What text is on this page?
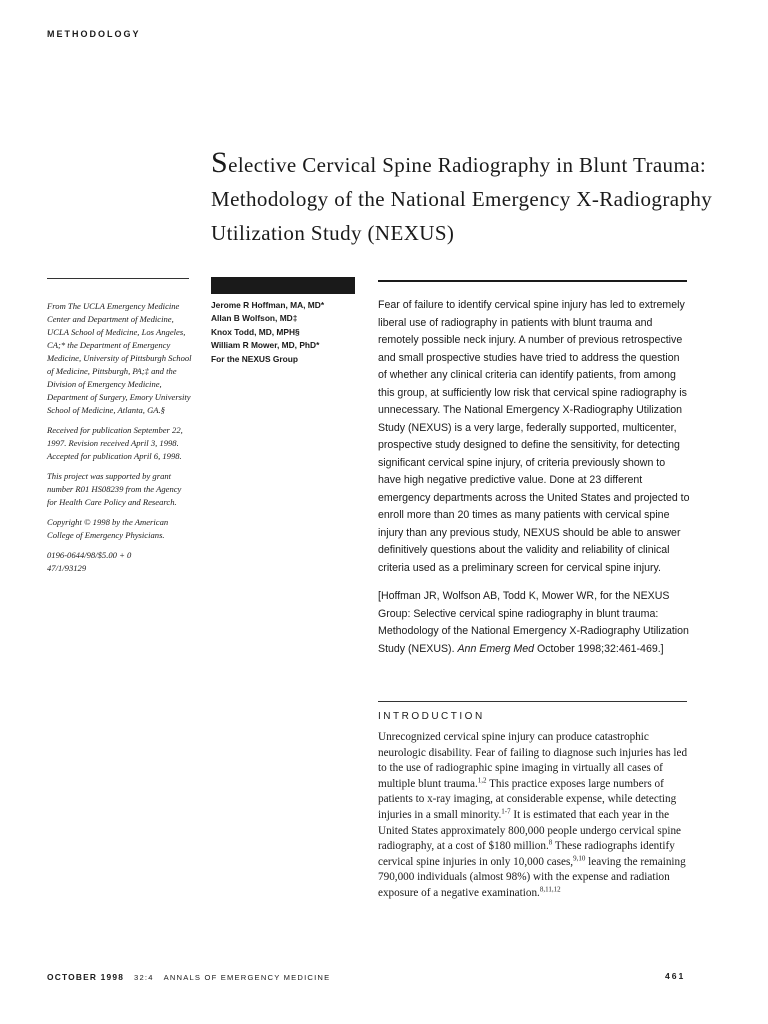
METHODOLOGY
Selective Cervical Spine Radiography in Blunt Trauma: Methodology of the National Emergency X-Radiography Utilization Study (NEXUS)

From The UCLA Emergency Medicine Center and Department of Medicine, UCLA School of Medicine, Los Angeles, CA;* the Department of Emergency Medicine, University of Pittsburgh School of Medicine, Pittsburgh, PA;‡ and the Division of Emergency Medicine, Department of Surgery, Emory University School of Medicine, Atlanta, GA.§

Received for publication September 22, 1997. Revision received April 3, 1998. Accepted for publication April 6, 1998.

This project was supported by grant number R01 HS08239 from the Agency for Health Care Policy and Research.

Copyright © 1998 by the American College of Emergency Physicians.

0196-0644/98/$5.00 + 0
47/1/93129
Jerome R Hoffman, MA, MD*
Allan B Wolfson, MD‡
Knox Todd, MD, MPH§
William R Mower, MD, PhD*
For the NEXUS Group

Fear of failure to identify cervical spine injury has led to extremely liberal use of radiography in patients with blunt trauma and remotely possible neck injury. A number of previous retrospective and small prospective studies have tried to address the question of whether any clinical criteria can identify patients, from among this group, at sufficiently low risk that cervical spine radiography is unnecessary. The National Emergency X-Radiography Utilization Study (NEXUS) is a very large, federally supported, multicenter, prospective study designed to define the sensitivity, for detecting significant cervical spine injury, of criteria previously shown to have high negative predictive value. Done at 23 different emergency departments across the United States and projected to enroll more than 20 times as many patients with cervical spine injury than any previous study, NEXUS should be able to answer definitively questions about the validity and reliability of clinical criteria used as a preliminary screen for cervical spine injury.

[Hoffman JR, Wolfson AB, Todd K, Mower WR, for the NEXUS Group: Selective cervical spine radiography in blunt trauma: Methodology of the National Emergency X-Radiography Utilization Study (NEXUS). Ann Emerg Med October 1998;32:461-469.]

INTRODUCTION

Unrecognized cervical spine injury can produce catastrophic neurologic disability. Fear of failing to diagnose such injuries has led to the use of radiographic spine imaging in virtually all cases of multiple blunt trauma.$^{1,2}$ This practice exposes large numbers of patients to x-ray imaging, at considerable expense, while detecting injuries in a small minority.$^{1-7}$ It is estimated that each year in the United States approximately 800,000 people undergo cervical spine radiography, at a cost of $180 million.$^8$ These radiographs identify cervical spine injuries in only 10,000 cases,$^{9,10}$ leaving the remaining 790,000 individuals (almost 98%) with the expense and radiation exposure of a negative examination.$^{8,11,12}$

OCTOBER 1998 32:4 ANNALS OF EMERGENCY MEDICINE	461
